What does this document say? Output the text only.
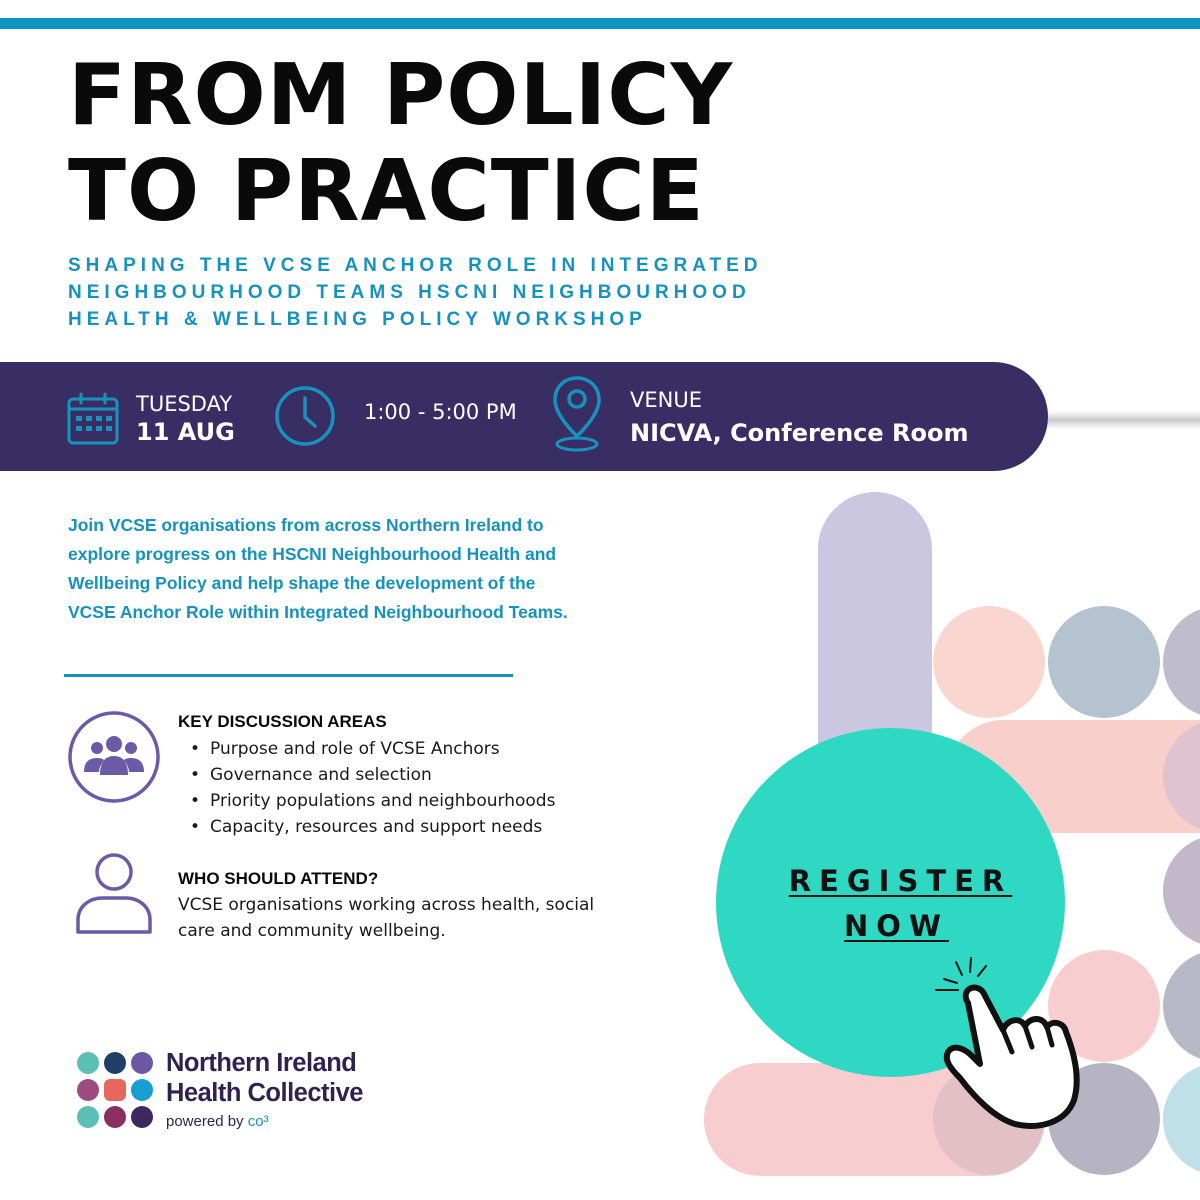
FROM POLICY
TO PRACTICE

SHAPING THE VCSE ANCHOR ROLE IN INTEGRATED
NEIGHBOURHOOD TEAMS HSCNI NEIGHBOURHOOD
HEALTH & WELLBEING POLICY WORKSHOP

TUESDAY
11 AUG
1:00 - 5:00 PM	VENUE
NICVA, Conference Room

Join VCSE organisations from across Northern Ireland to explore progress on the HSCNI Neighbourhood Health and Wellbeing Policy and help shape the development of the VCSE Anchor Role within Integrated Neighbourhood Teams.

KEY DISCUSSION AREAS
• Purpose and role of VCSE Anchors
• Governance and selection
• Priority populations and neighbourhoods
• Capacity, resources and support needs
WHO SHOULD ATTEND?

VCSE organisations working across health, social care and community wellbeing.

REGISTER
NOW

Northern Ireland
Health Collective

powered by co³
